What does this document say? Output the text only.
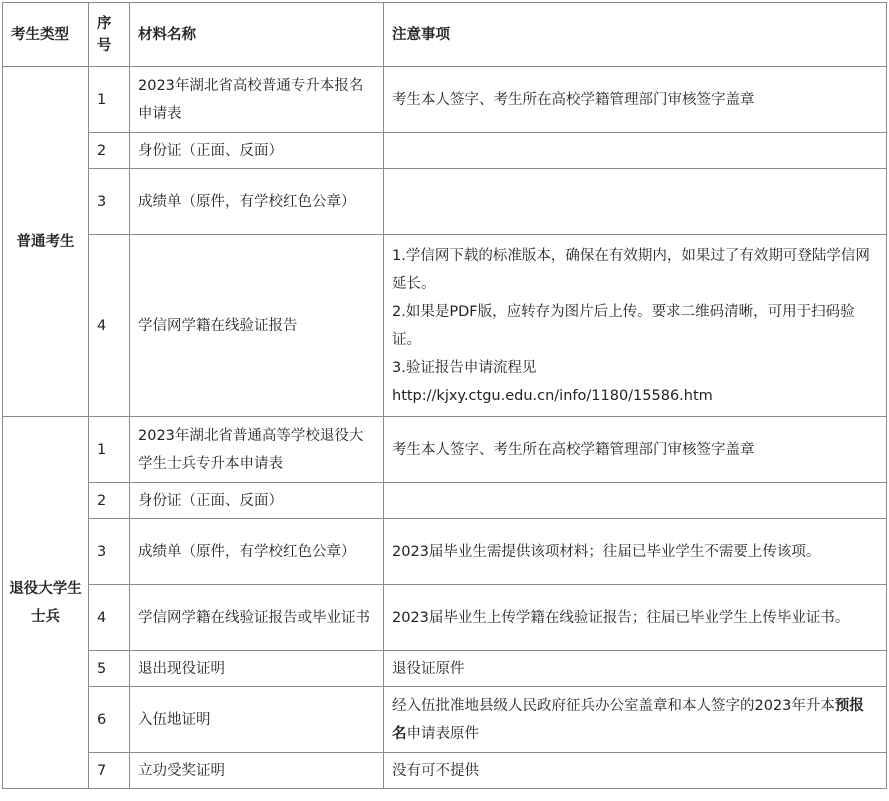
考生类型	序号	材料名称	注意事项
普通考生	1	2023年湖北省高校普通专升本报名申请表	考生本人签字、考生所在高校学籍管理部门审核签字盖章
	2	身份证（正面、反面）	
	3	成绩单（原件，有学校红色公章）	
	4	学信网学籍在线验证报告	1.学信网下载的标准版本，确保在有效期内，如果过了有效期可登陆学信网延长。
2.如果是PDF版，应转存为图片后上传。要求二维码清晰，可用于扫码验证。
3.验证报告申请流程见
http://kjxy.ctgu.edu.cn/info/1180/15586.htm

退役大学生士兵	1	2023年湖北省普通高等学校退役大学生士兵专升本申请表	考生本人签字、考生所在高校学籍管理部门审核签字盖章
	2	身份证（正面、反面）	
	3	成绩单（原件，有学校红色公章）	2023届毕业生需提供该项材料；往届已毕业学生不需要上传该项。
	4	学信网学籍在线验证报告或毕业证书	2023届毕业生上传学籍在线验证报告；往届已毕业学生上传毕业证书。
	5	退出现役证明	退役证原件
	6	入伍地证明	经入伍批准地县级人民政府征兵办公室盖章和本人签字的2023年升本预报名申请表原件
	7	立功受奖证明	没有可不提供
